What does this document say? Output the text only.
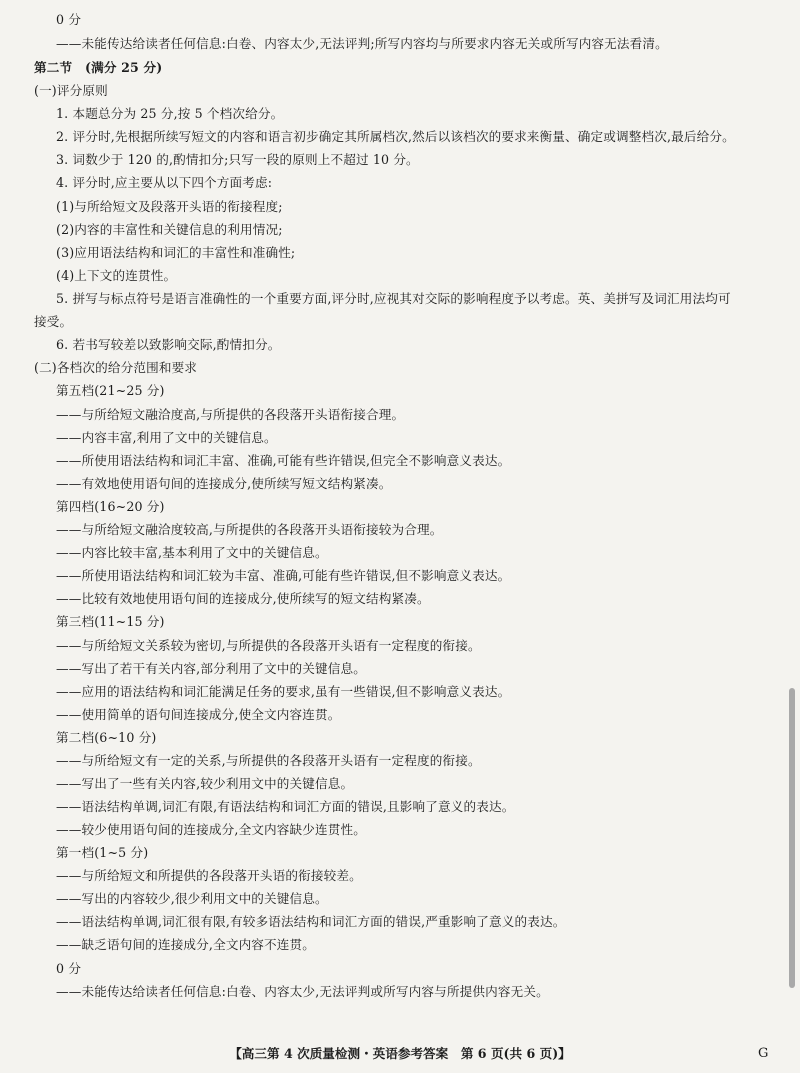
0 分
——未能传达给读者任何信息:白卷、内容太少,无法评判;所写内容均与所要求内容无关或所写内容无法看清。
第二节　(满分 25 分)
(一)评分原则
1. 本题总分为 25 分,按 5 个档次给分。
2. 评分时,先根据所续写短文的内容和语言初步确定其所属档次,然后以该档次的要求来衡量、确定或调整档次,最后给分。
3. 词数少于 120 的,酌情扣分;只写一段的原则上不超过 10 分。
4. 评分时,应主要从以下四个方面考虑:
(1)与所给短文及段落开头语的衔接程度;
(2)内容的丰富性和关键信息的利用情况;
(3)应用语法结构和词汇的丰富性和准确性;
(4)上下文的连贯性。
5. 拼写与标点符号是语言准确性的一个重要方面,评分时,应视其对交际的影响程度予以考虑。英、美拼写及词汇用法均可
接受。
6. 若书写较差以致影响交际,酌情扣分。
(二)各档次的给分范围和要求
第五档(21~25 分)
——与所给短文融洽度高,与所提供的各段落开头语衔接合理。
——内容丰富,利用了文中的关键信息。
——所使用语法结构和词汇丰富、准确,可能有些许错误,但完全不影响意义表达。
——有效地使用语句间的连接成分,使所续写短文结构紧凑。
第四档(16~20 分)
——与所给短文融洽度较高,与所提供的各段落开头语衔接较为合理。
——内容比较丰富,基本利用了文中的关键信息。
——所使用语法结构和词汇较为丰富、准确,可能有些许错误,但不影响意义表达。
——比较有效地使用语句间的连接成分,使所续写的短文结构紧凑。
第三档(11~15 分)
——与所给短文关系较为密切,与所提供的各段落开头语有一定程度的衔接。
——写出了若干有关内容,部分利用了文中的关键信息。
——应用的语法结构和词汇能满足任务的要求,虽有一些错误,但不影响意义表达。
——使用简单的语句间连接成分,使全文内容连贯。
第二档(6~10 分)
——与所给短文有一定的关系,与所提供的各段落开头语有一定程度的衔接。
——写出了一些有关内容,较少利用文中的关键信息。
——语法结构单调,词汇有限,有语法结构和词汇方面的错误,且影响了意义的表达。
——较少使用语句间的连接成分,全文内容缺少连贯性。
第一档(1~5 分)
——与所给短文和所提供的各段落开头语的衔接较差。
——写出的内容较少,很少利用文中的关键信息。
——语法结构单调,词汇很有限,有较多语法结构和词汇方面的错误,严重影响了意义的表达。
——缺乏语句间的连接成分,全文内容不连贯。
0 分
——未能传达给读者任何信息:白卷、内容太少,无法评判或所写内容与所提供内容无关。
【高三第 4 次质量检测・英语参考答案　第 6 页(共 6 页)】	G
